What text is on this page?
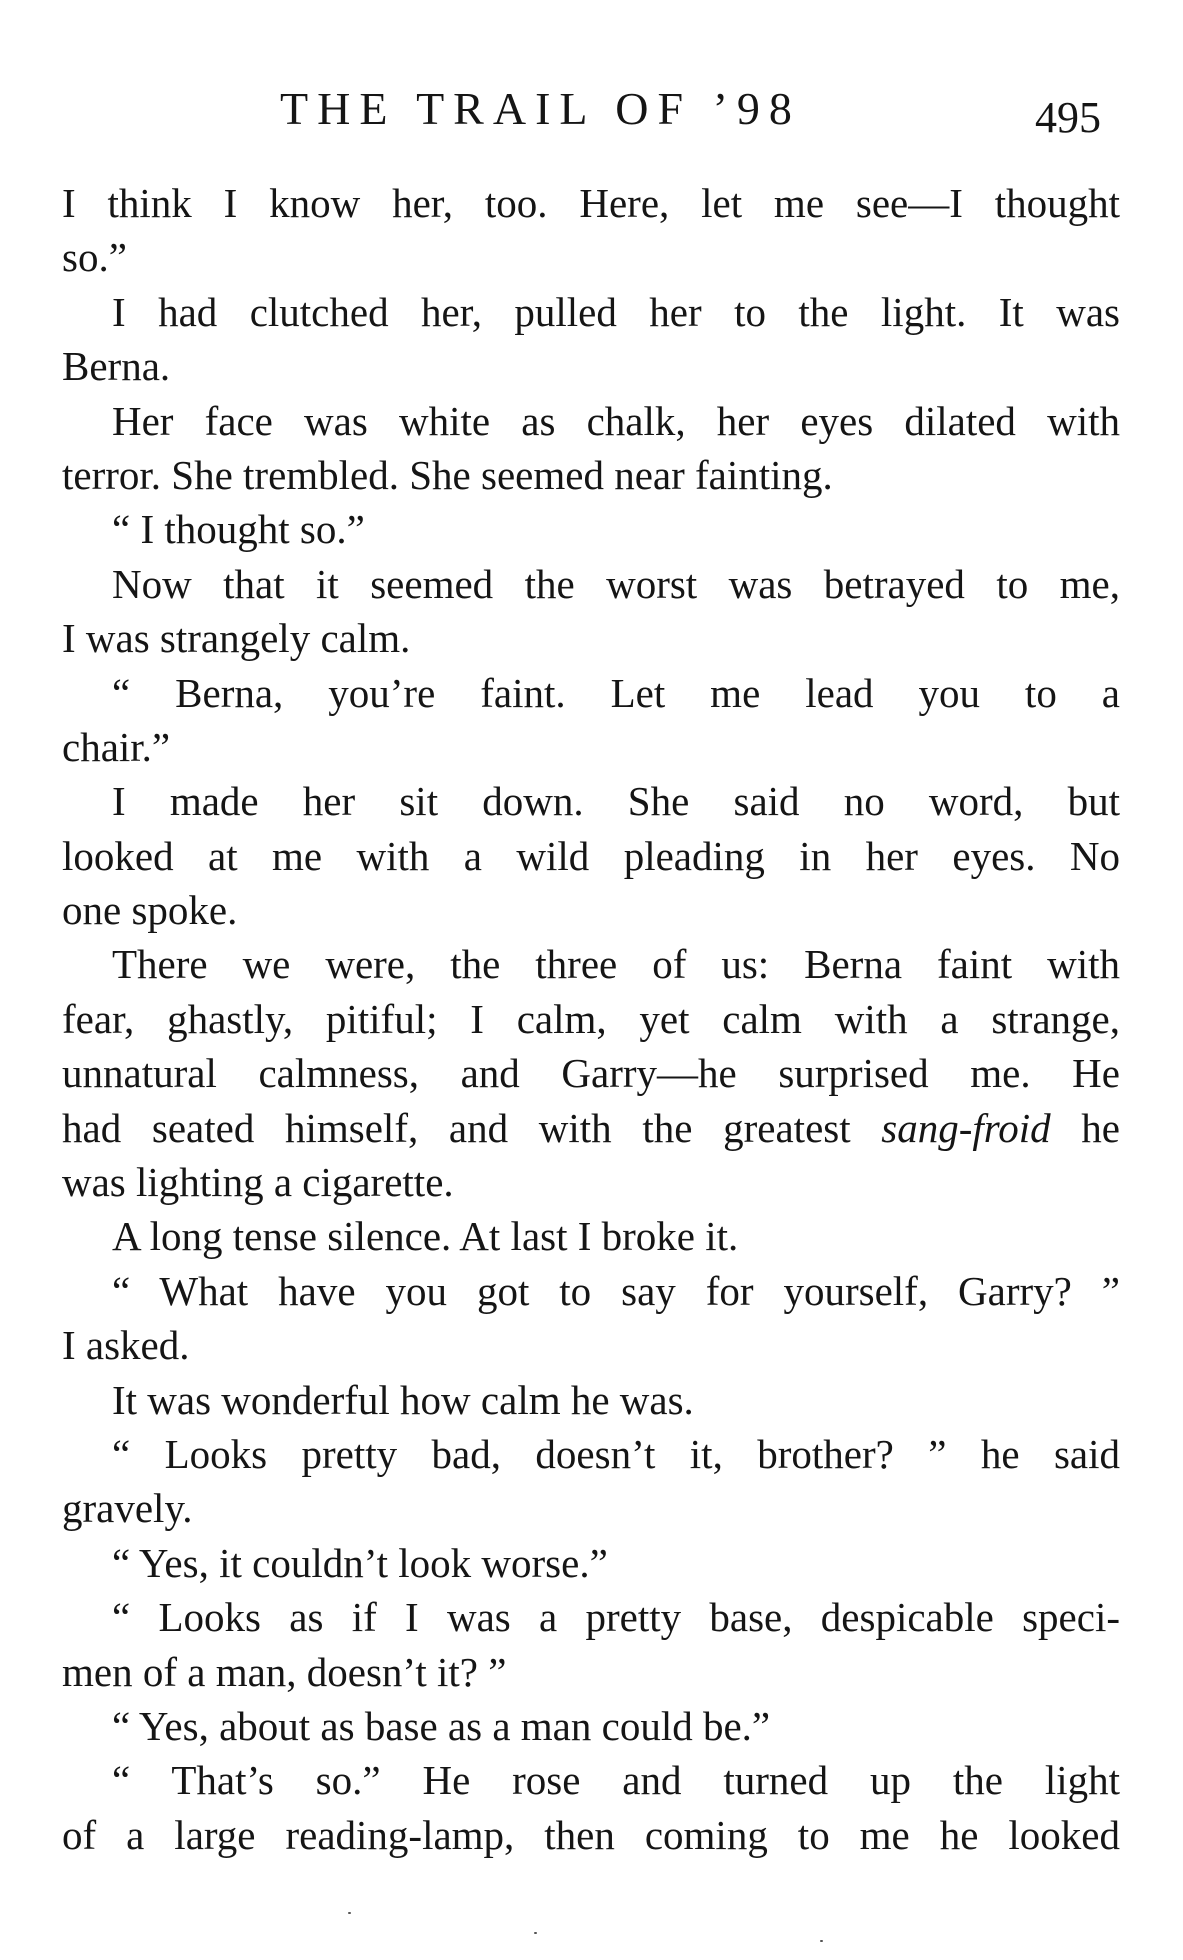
THE TRAIL OF ’98	495
I think I know her, too. Here, let me see—I thought
so.”
I had clutched her, pulled her to the light. It was
Berna.
Her face was white as chalk, her eyes dilated with
terror. She trembled. She seemed near fainting.
“ I thought so.”
Now that it seemed the worst was betrayed to me,
I was strangely calm.
“ Berna, you’re faint. Let me lead you to a
chair.”
I made her sit down. She said no word, but
looked at me with a wild pleading in her eyes. No
one spoke.
There we were, the three of us: Berna faint with
fear, ghastly, pitiful; I calm, yet calm with a strange,
unnatural calmness, and Garry—he surprised me. He
had seated himself, and with the greatest sang-froid he
was lighting a cigarette.
A long tense silence. At last I broke it.
“ What have you got to say for yourself, Garry? ”
I asked.
It was wonderful how calm he was.
“ Looks pretty bad, doesn’t it, brother? ” he said
gravely.
“ Yes, it couldn’t look worse.”
“ Looks as if I was a pretty base, despicable speci-
men of a man, doesn’t it? ”
“ Yes, about as base as a man could be.”
“ That’s so.” He rose and turned up the light
of a large reading-lamp, then coming to me he looked
